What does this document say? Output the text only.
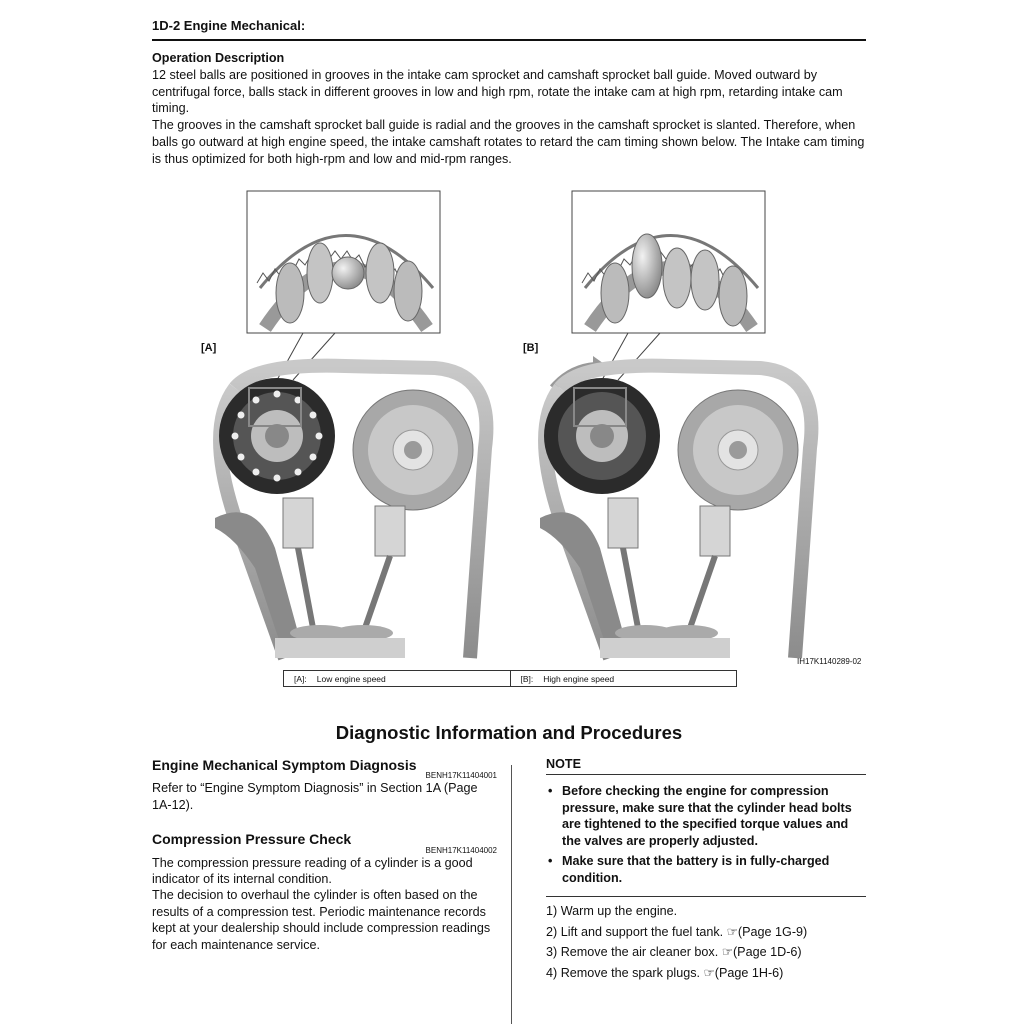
1D-2 Engine Mechanical:
Operation Description

12 steel balls are positioned in grooves in the intake cam sprocket and camshaft sprocket ball guide. Moved outward by centrifugal force, balls stack in different grooves in low and high rpm, rotate the intake cam at high rpm, retarding intake cam timing.

The grooves in the camshaft sprocket ball guide is radial and the grooves in the camshaft sprocket is slanted. Therefore, when balls go outward at high engine speed, the intake camshaft rotates to retard the cam timing shown below. The Intake cam timing is thus optimized for both high-rpm and low and mid-rpm ranges.

[A]	[B]
IH17K1140289-02
[A]: Low engine speed	[B]: High engine speed
Diagnostic Information and Procedures
Engine Mechanical Symptom Diagnosis
BENH17K11404001

Refer to “Engine Symptom Diagnosis” in Section 1A (Page 1A-12).

Compression Pressure Check
BENH17K11404002

The compression pressure reading of a cylinder is a good indicator of its internal condition.

The decision to overhaul the cylinder is often based on the results of a compression test. Periodic maintenance records kept at your dealership should include compression readings for each maintenance service.

NOTE
• Before checking the engine for compression pressure, make sure that the cylinder head bolts are tightened to the specified torque values and the valves are properly adjusted.
• Make sure that the battery is in fully-charged condition.
1) Warm up the engine.
2) Lift and support the fuel tank. ☞(Page 1G-9)
3) Remove the air cleaner box. ☞(Page 1D-6)
4) Remove the spark plugs. ☞(Page 1H-6)
